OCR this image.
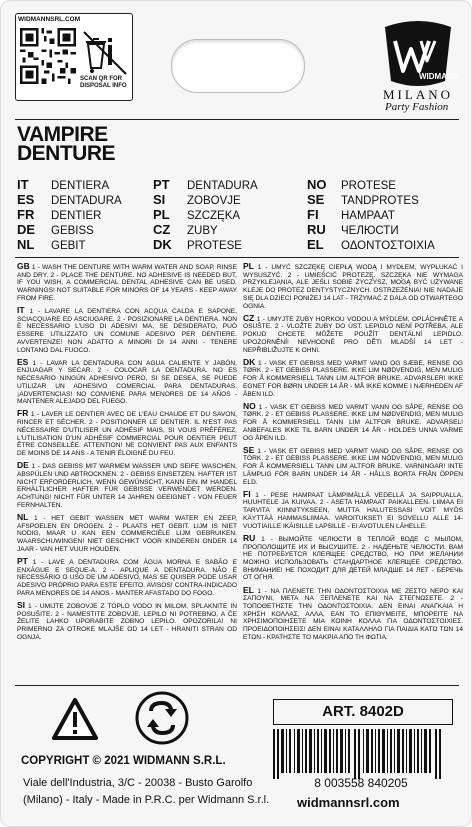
WIDMANNSRL.COM
SCAN QR FOR
DISPOSAL INFO
WIDMANN
MILANO
Party Fashion
VAMPIRE
DENTURE
IT DENTIERA
ES DENTADURA
FR DENTIER
DE GEBISS
NL GEBIT
PT DENTADURA
SI ZOBOVJE
PL SZCZĘKA
CZ ZUBY
DK PROTESE
NO PROTESE
SE TANDPROTES
FI HAMPAAT
RU ЧЕЛЮСТИ
EL ΟΔΟΝΤΟΣΤΟΙΧΙΑ

GB 1 - WASH THE DENTURE WITH WARM WATER AND SOAP, RINSE AND DRY. 2 - PLACE THE DENTURE. NO ADHESIVE IS NEEDED BUT, IF YOU WISH, A COMMERCIAL DENTAL ADHESIVE CAN BE USED. WARNINGS! NOT SUITABLE FOR MINORS OF 14 YEARS - KEEP AWAY FROM FIRE.

IT 1 - LAVARE LA DENTIERA CON ACQUA CALDA E SAPONE, SCIACQUARE ED ASCIUGARE. 2 - POSIZIONARE LA DENTIERA. NON È NECESSARIO L'USO DI ADESIVI MA, SE DESIDERATO, PUÒ ESSERE UTILIZZATO UN COMUNE ADESIVO PER DENTIERE. AVVERTENZE! NON ADATTO A MINORI DI 14 ANNI - TENERE LONTANO DAL FUOCO.

ES 1 - LAVAR LA DENTADURA CON AGUA CALIENTE Y JABÓN, ENJUAGAR Y SECAR. 2 - COLOCAR LA DENTADURA. NO ES NECESARIO NINGÚN ADHESIVO PERO, SI SE DESEA, SE PUEDE UTILIZAR UN ADHESIVO COMERCIAL PARA DENTADURAS. ¡ADVERTENCIAS! NO CONVIENE PARA MENORES DE 14 AÑOS - MANTENER ALEJADO DEL FUEGO.

FR 1 - LAVER LE DENTIER AVEC DE L'EAU CHAUDE ET DU SAVON, RINCER ET SÉCHER. 2 - POSITIONNER LE DENTIER. IL N'EST PAS NÉCESSAIRE D'UTILISER UN ADHÉSIF MAIS, SI VOUS PRÉFÉREZ, L'UTILISATION D'UN ADHÉSIF COMMERCIAL POUR DENTIER PEUT ÊTRE CONSEILLÉE. ATTENTION! NE CONVIENT PAS AUX ENFANTS DE MOINS DE 14 ANS - A TENIR ÉLOIGNÉ DU FEU.

DE 1 - DAS GEBISS MIT WARMEM WASSER UND SEIFE WASCHEN, ABSPÜLEN UND ABTROCKNEN. 2 - GEBISS EINSETZEN. HAFTER IST NICHT ERFORDERLICH, WENN GEWÜNSCHT, KANN EIN IM HANDEL ERHÄLTLICHER HAFTER FÜR GEBISSE VERWENDET WERDEN. ACHTUNG! NICHT FÜR UNTER 14 JAHREN GEEIGNET - VON FEUER FERNHALTEN.

NL 1 - HET GEBIT WASSEN MET WARM WATER EN ZEEP, AFSPOELEN EN DROGEN. 2 - PLAATS HET GEBIT. LIJM IS NIET NODIG, MAAR U KAN EEN COMMERCIËLE LIJM GEBRUIKEN. WAARSCHUWINGEN! NIET GESCHIKT VOOR KINDEREN ONDER 14 JAAR - VAN HET VUUR HOUDEN.

PT 1 - LAVE A DENTADURA COM ÁGUA MORNA E SABÃO E ENXÁGUE E SEQUE-A. 2 - APLIQUE A DENTADURA. NÃO É NECESSÁRIO O USO DE UM ADESIVO, MAS SE QUISER PODE USAR ADESIVO PRÓPRIO PARA ESTE EFEITO. AVISOS! CONTRA-INDICADO PARA MENORES DE 14 ANOS - MANTER AFASTADO DO FOGO.

SI 1 - UMIJTE ZOBOVJE Z TOPLO VODO IN MILOM, SPLAKNITE IN POSUŠITE. 2 - NAMESTITE ZOBOVJE. LEPILO NI POTREBNO, A ČE ŽELITE LAHKO UPORABITE ZOBNO LEPILO. OPOZORILA! NI PRIMERNO ZA OTROKE MLAJŠE OD 14 LET - HRANITI STRAN OD OGNJA.

PL 1 - UMYĆ SZCZĘKĘ CIEPŁĄ WODĄ I MYDŁEM, WYPŁUKAĆ I WYSUSZYĆ. 2 - UMIEŚCIĆ PROTEZĘ. SZCZĘKA NIE WYMAGA PRZYKLEJANIA, ALE JEŚLI SOBIE ŻYCZYSZ, MOGĄ BYĆ UŻYWANE KLEJE DO PROTEZ DENTYSTYCZNYCH. OSTRZEŻENIA! NIE NADAJE SIĘ DLA DZIECI PONIŻEJ 14 LAT - TRZYMAĆ Z DALA OD OTWARTEGO OGNIA.

CZ 1 - UMYJTE ZUBY HORKOU VODOU A MÝDLEM, OPLÁCHNĚTE A OSUŠTE. 2 - VLOŽTE ZUBY DO ÚST. LEPIDLO NENÍ POTŘEBA, ALE POKUD CHCETE MŮŽETE POUŽÍT DENTÁLNÍ LEPIDLO. UPOZORNĚNÍ! NEVHODNÉ PRO DĚTI MLADŠÍ 14 LET - NEPŘIBLIŽUJTE K OHNI.

DK 1 - VASK ET GEBISS MED VARMT VAND OG SÆBE, RENSE OG TØRK. 2 - ET GEBISS PLASSERE. IKKE LIM NØDVENDIG, MEN MULIG FOR Å KOMMERSIELL TANN LIM ALTFOR BRUKE. ADVARSLER! IKKE EGNET FOR BØRN UNDER 14 ÅR - MÅ IKKE KOMME I NÆRHEDEN AF ÅBEN ILD.

NO 1 - VASK ET GEBISS MED VARMT VANN OG SÅPE, RENSE OG TØRK. 2 - ET GEBISS PLASSERE. IKKE LIM NØDVENDIG, MEN MULIG FOR Å KOMMERSIELL TANN LIM ALTFOR BRUKE. ADVARSEL! ANBEFALES IKKE TIL BARN UNDER 14 ÅR - HOLDES UNNA VARME OG ÅPEN ILD.

SE 1 - VASK ET GEBISS MED VARMT VAND OG SÅPE, RENSE OG TÖRK. 2 - ET GEBISS PLASSERE. IKKE LIM NÖDVENDIG, MEN MULIG FOR Å KOMMERSIELL TANN LIM ALTFOR BRUKE. VARNINGAR! INTE LÄMPLIG FÖR BARN UNDER 14 ÅR - HÅLLS BORTA FRÅN ÖPPEN ELD.

FI 1 - PESE HAMPAAT LÄMPIMÄLLÄ VEDELLÄ JA SAIPPUALLA, HUUHTELE JA KUIVAA. 2 - ASETA HAMPAAT PAIKALLEEN. LIIMAA EI TARVITA KIINNITYKSEEN, MUTTA HALUTESSASI VOIT MYÖS KÄYTTÄÄ HAMMASLIIMAA. VAROITUKSET! EI SOVELLU ALLE 14-VUOTIAILLE IKÄISILLE LAPSILLE - EI AVOTULEN LÄHELLE.

RU 1 - ВЫМОЙТЕ ЧЕЛЮСТИ В ТЕПЛОЙ ВОДЕ С МЫЛОМ, ПРОПОЛОЩИТЕ ИХ И ВЫСУШИТЕ. 2 - НАДЕНЬТЕ ЧЕЛЮСТИ. ВАМ НЕ ПОТРЕБУЕТСЯ КЛЕЯЩЕЕ СРЕДСТВО, НО ПРИ ЖЕЛАНИИ МОЖНО ИСПОЛЬЗОВАТЬ СТАНДАРТНОЕ КЛЕЯЩЕЕ СРЕДСТВО. ВНИМАНИЕ! НЕ ПОХОДИТ ДЛЯ ДЕТЕЙ МЛАДШЕ 14 ЛЕТ - БЕРЕЧЬ ОТ ОГНЯ.

EL 1 - ΝΑ ΠΛΕΝΕΤΕ ΤΗΝ ΟΔΟΝΤΟΣΤΟΙΧΙΑ ΜΕ ΖΕΣΤΟ ΝΕΡΟ ΚΑΙ ΣΑΠΟΥΝΙ, ΜΕΤΑ ΝΑ ΞΕΠΛΕΝΕΤΕ ΚΑΙ ΝΑ ΣΤΕΓΝΩΣΕΤΕ. 2 - ΤΟΠΟΘΕΤΗΣΤΕ ΤΗΝ ΟΔΟΝΤΟΣΤΟΙΧΙΑ. ΔΕΝ ΕΙΝΑΙ ΑΝΑΓΚΑΙΑ Η ΧΡΗΣΗ ΚΟΛΛΑΣ, ΑΛΛΑ, ΕΑΝ ΤΟ ΕΠΙΘΥΜΕΙΤΕ, ΜΠΟΡΕΙΤΕ ΝΑ ΧΡΗΣΙΜΟΠΟΙΗΣΕΤΕ ΜΙΑ ΚΟΙΝΗ ΚΟΛΛΑ ΓΙΑ ΟΔΟΝΤΟΣΤΟΙΧΙΕΣ. ΠΡΟΕΙΔΟΠΟΙΗΣΕΙΣ! ΔΕΝ ΕΙΝΑΙ ΚΑΤΑΛΛΗΛΟ ΓΙΑ ΠΑΙΔΙΑ ΚΑΤΩ ΤΩΝ 14 ΕΤΩΝ - ΚΡΑΤΗΣΤΕ ΤΟ ΜΑΚΡΙΑ ΑΠΟ ΤΗ ΦΩΤΙΑ.

ART. 8402D
8 003558 840205
COPYRIGHT © 2021 WIDMANN S.R.L.
Viale dell'Industria, 3/C - 20038 - Busto Garolfo
(Milano) - Italy - Made in P.R.C. per Widmann S.r.l. widmannsrl.com
